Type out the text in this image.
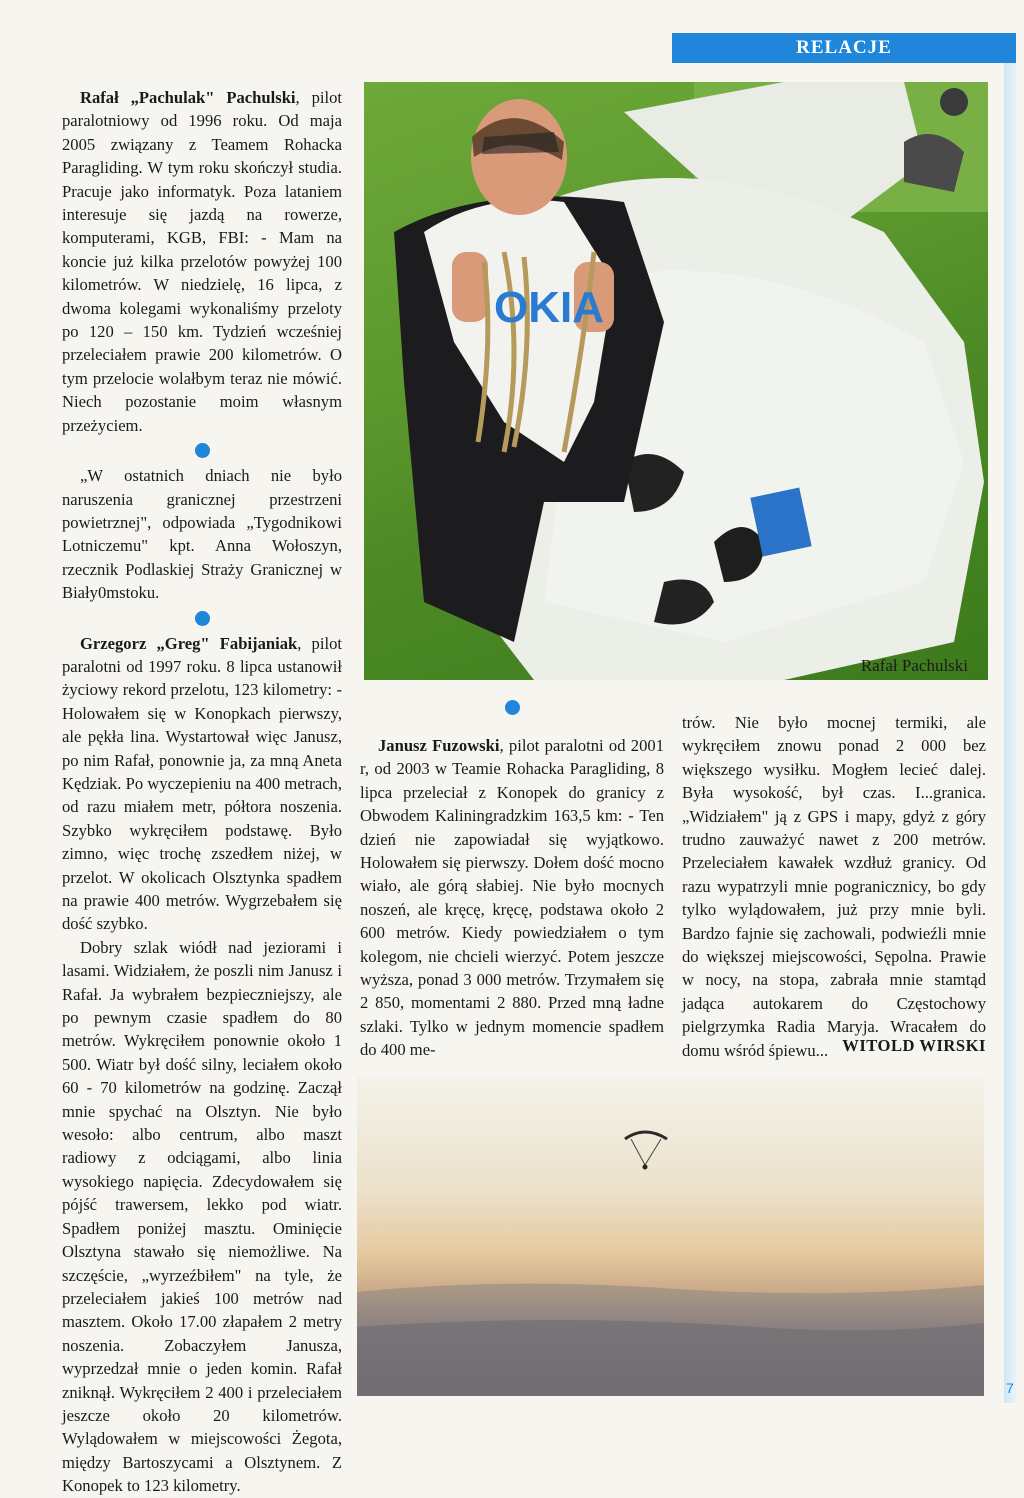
RELACJE

Rafał „Pachulak" Pachulski, pilot paralotniowy od 1996 roku. Od maja 2005 związany z Teamem Rohacka Paragliding. W tym roku skończył studia. Pracuje jako informatyk. Poza lataniem interesuje się jazdą na rowerze, komputerami, KGB, FBI: - Mam na koncie już kilka przelotów powyżej 100 kilometrów. W niedzielę, 16 lipca, z dwoma kolegami wykonaliśmy przeloty po 120 – 150 km. Tydzień wcześniej przeleciałem prawie 200 kilometrów. O tym przelocie wolałbym teraz nie mówić. Niech pozostanie moim własnym przeżyciem.

„W ostatnich dniach nie było naruszenia granicznej przestrzeni powietrznej", odpowiada „Tygodnikowi Lotniczemu" kpt. Anna Wołoszyn, rzecznik Podlaskiej Straży Granicznej w Biały0mstoku.

Grzegorz „Greg" Fabijaniak, pilot paralotni od 1997 roku. 8 lipca ustanowił życiowy rekord przelotu, 123 kilometry: - Holowałem się w Konopkach pierwszy, ale pękła lina. Wystartował więc Janusz, po nim Rafał, ponownie ja, za mną Aneta Kędziak. Po wyczepieniu na 400 metrach, od razu miałem metr, półtora noszenia. Szybko wykręciłem podstawę. Było zimno, więc trochę zszedłem niżej, w przelot. W okolicach Olsztynka spadłem na prawie 400 metrów. Wygrzebałem się dość szybko.

Dobry szlak wiódł nad jeziorami i lasami. Widziałem, że poszli nim Janusz i Rafał. Ja wybrałem bezpieczniejszy, ale po pewnym czasie spadłem do 80 metrów. Wykręciłem ponownie około 1 500. Wiatr był dość silny, leciałem około 60 - 70 kilometrów na godzinę. Zaczął mnie spychać na Olsztyn. Nie było wesoło: albo centrum, albo maszt radiowy z odciągami, albo linia wysokiego napięcia. Zdecydowałem się pójść trawersem, lekko pod wiatr. Spadłem poniżej masztu. Ominięcie Olsztyna stawało się niemożliwe. Na szczęście, „wyrzeźbiłem" na tyle, że przeleciałem jakieś 100 metrów nad masztem. Około 17.00 złapałem 2 metry noszenia. Zobaczyłem Janusza, wyprzedzał mnie o jeden komin. Rafał zniknął. Wykręciłem 2 400 i przeleciałem jeszcze około 20 kilometrów. Wylądowałem w miejscowości Żegota, między Bartoszycami a Olsztynem. Z Konopek to 123 kilometry.

OKIA
Rafał Pachulski

Janusz Fuzowski, pilot paralotni od 2001 r, od 2003 w Teamie Rohacka Paragliding, 8 lipca przeleciał z Konopek do granicy z Obwodem Kaliningradzkim 163,5 km: - Ten dzień nie zapowiadał się wyjątkowo. Holowałem się pierwszy. Dołem dość mocno wiało, ale górą słabiej. Nie było mocnych noszeń, ale kręcę, kręcę, podstawa około 2 600 metrów. Kiedy powiedziałem o tym kolegom, nie chcieli wierzyć. Potem jeszcze wyższa, ponad 3 000 metrów. Trzymałem się 2 850, momentami 2 880. Przed mną ładne szlaki. Tylko w jednym momencie spadłem do 400 me-

trów. Nie było mocnej termiki, ale wykręciłem znowu ponad 2 000 bez większego wysiłku. Mogłem lecieć dalej. Była wysokość, był czas. I...granica. „Widziałem" ją z GPS i mapy, gdyż z góry trudno zauważyć nawet z 200 metrów. Przeleciałem kawałek wzdłuż granicy. Od razu wypatrzyli mnie pogranicznicy, bo gdy tylko wylądowałem, już przy mnie byli. Bardzo fajnie się zachowali, podwieźli mnie do większej miejscowości, Sępolna. Prawie w nocy, na stopa, zabrała mnie stamtąd jadąca autokarem do Częstochowy pielgrzymka Radia Maryja. Wracałem do domu wśród śpiewu... WITOLD WIRSKI
7
